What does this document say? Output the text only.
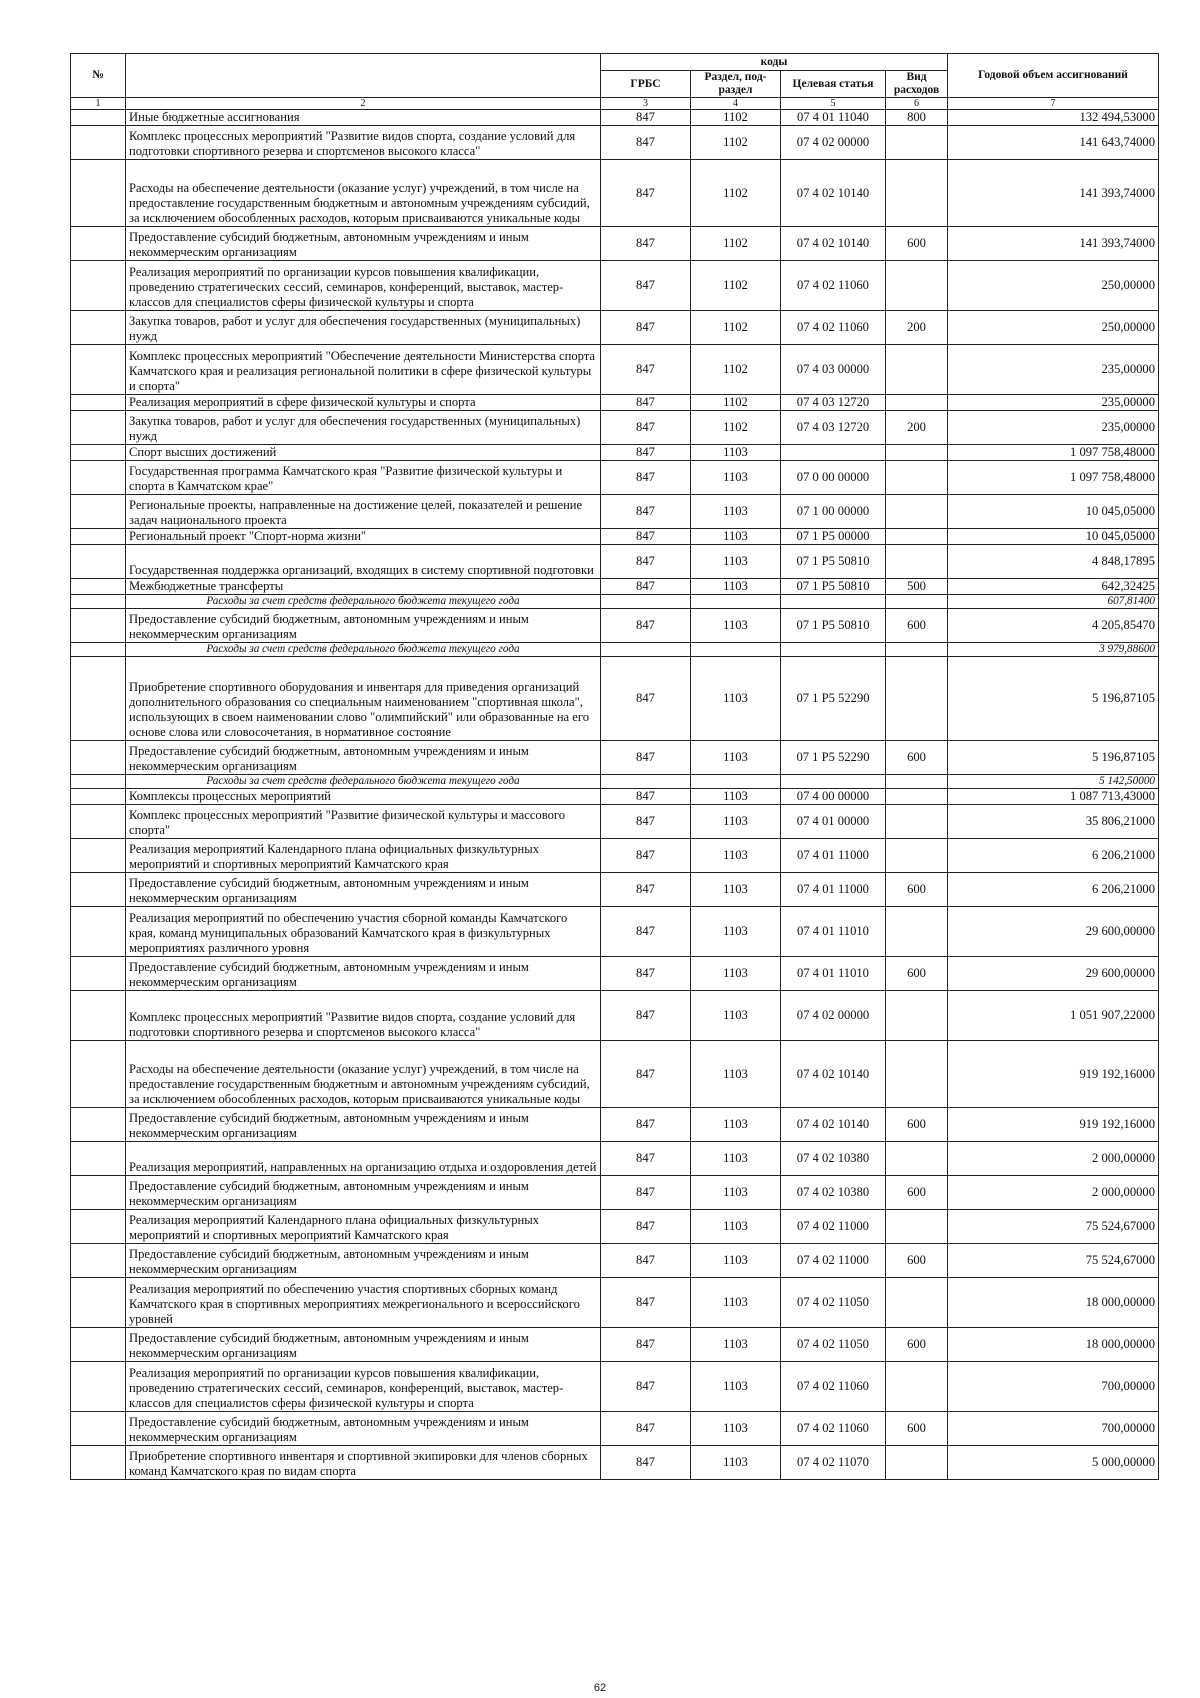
№		коды				Годовой объем ассигнований
		ГРБС	Раздел, под-раздел	Целевая статья	Вид расходов	
1	2	3	4	5	6	7
	Иные бюджетные ассигнования	847	1102	07 4 01 11040	800	132 494,53000
	Комплекс процессных мероприятий "Развитие видов спорта, создание условий для подготовки спортивного резерва и спортсменов высокого класса"	847	1102	07 4 02 00000		141 643,74000
	Расходы на обеспечение деятельности (оказание услуг) учреждений, в том числе на предоставление государственным бюджетным и автономным учреждениям субсидий, за исключением обособленных расходов, которым присваиваются уникальные коды	847	1102	07 4 02 10140		141 393,74000
	Предоставление субсидий бюджетным, автономным учреждениям и иным некоммерческим организациям	847	1102	07 4 02 10140	600	141 393,74000
	Реализация мероприятий по организации курсов повышения квалификации, проведению стратегических сессий, семинаров, конференций, выставок, мастер-классов для специалистов сферы физической культуры и спорта	847	1102	07 4 02 11060		250,00000
	Закупка товаров, работ и услуг для обеспечения государственных (муниципальных) нужд	847	1102	07 4 02 11060	200	250,00000
	Комплекс процессных мероприятий "Обеспечение деятельности Министерства спорта Камчатского края и реализация региональной политики в сфере физической культуры и спорта"	847	1102	07 4 03 00000		235,00000
	Реализация мероприятий в сфере физической культуры и спорта	847	1102	07 4 03 12720		235,00000
	Закупка товаров, работ и услуг для обеспечения государственных (муниципальных) нужд	847	1102	07 4 03 12720	200	235,00000
	Спорт высших достижений	847	1103			1 097 758,48000
	Государственная программа Камчатского края "Развитие физической культуры и спорта в Камчатском крае"	847	1103	07 0 00 00000		1 097 758,48000
	Региональные проекты, направленные на достижение целей, показателей и решение задач национального проекта	847	1103	07 1 00 00000		10 045,05000
	Региональный проект "Спорт-норма жизни"	847	1103	07 1 P5 00000		10 045,05000
	Государственная поддержка организаций, входящих в систему спортивной подготовки	847	1103	07 1 P5 50810		4 848,17895
	Межбюджетные трансферты	847	1103	07 1 P5 50810	500	642,32425
	Расходы за счет средств федерального бюджета текущего года					607,81400
	Предоставление субсидий бюджетным, автономным учреждениям и иным некоммерческим организациям	847	1103	07 1 P5 50810	600	4 205,85470
	Расходы за счет средств федерального бюджета текущего года					3 979,88600
	Приобретение спортивного оборудования и инвентаря для приведения организаций дополнительного образования со специальным наименованием "спортивная школа", использующих в своем наименовании слово "олимпийский" или образованные на его основе слова или словосочетания, в нормативное состояние	847	1103	07 1 P5 52290		5 196,87105
	Предоставление субсидий бюджетным, автономным учреждениям и иным некоммерческим организациям	847	1103	07 1 P5 52290	600	5 196,87105
	Расходы за счет средств федерального бюджета текущего года					5 142,50000
	Комплексы процессных мероприятий	847	1103	07 4 00 00000		1 087 713,43000
	Комплекс процессных мероприятий "Развитие физической культуры и массового спорта"	847	1103	07 4 01 00000		35 806,21000
	Реализация мероприятий Календарного плана официальных физкультурных мероприятий и спортивных мероприятий Камчатского края	847	1103	07 4 01 11000		6 206,21000
	Предоставление субсидий бюджетным, автономным учреждениям и иным некоммерческим организациям	847	1103	07 4 01 11000	600	6 206,21000
	Реализация мероприятий по обеспечению участия сборной команды Камчатского края, команд муниципальных образований Камчатского края в физкультурных мероприятиях различного уровня	847	1103	07 4 01 11010		29 600,00000
	Предоставление субсидий бюджетным, автономным учреждениям и иным некоммерческим организациям	847	1103	07 4 01 11010	600	29 600,00000
	Комплекс процессных мероприятий "Развитие видов спорта, создание условий для подготовки спортивного резерва и спортсменов высокого класса"	847	1103	07 4 02 00000		1 051 907,22000
	Расходы на обеспечение деятельности (оказание услуг) учреждений, в том числе на предоставление государственным бюджетным и автономным учреждениям субсидий, за исключением обособленных расходов, которым присваиваются уникальные коды	847	1103	07 4 02 10140		919 192,16000
	Предоставление субсидий бюджетным, автономным учреждениям и иным некоммерческим организациям	847	1103	07 4 02 10140	600	919 192,16000
	Реализация мероприятий, направленных на организацию отдыха и оздоровления детей	847	1103	07 4 02 10380		2 000,00000
	Предоставление субсидий бюджетным, автономным учреждениям и иным некоммерческим организациям	847	1103	07 4 02 10380	600	2 000,00000
	Реализация мероприятий Календарного плана официальных физкультурных мероприятий и спортивных мероприятий Камчатского края	847	1103	07 4 02 11000		75 524,67000
	Предоставление субсидий бюджетным, автономным учреждениям и иным некоммерческим организациям	847	1103	07 4 02 11000	600	75 524,67000
	Реализация мероприятий по обеспечению участия спортивных сборных команд Камчатского края в спортивных мероприятиях межрегионального и всероссийского уровней	847	1103	07 4 02 11050		18 000,00000
	Предоставление субсидий бюджетным, автономным учреждениям и иным некоммерческим организациям	847	1103	07 4 02 11050	600	18 000,00000
	Реализация мероприятий по организации курсов повышения квалификации, проведению стратегических сессий, семинаров, конференций, выставок, мастер-классов для специалистов сферы физической культуры и спорта	847	1103	07 4 02 11060		700,00000
	Предоставление субсидий бюджетным, автономным учреждениям и иным некоммерческим организациям	847	1103	07 4 02 11060	600	700,00000
	Приобретение спортивного инвентаря и спортивной экипировки для членов сборных команд Камчатского края по видам спорта	847	1103	07 4 02 11070		5 000,00000
62
